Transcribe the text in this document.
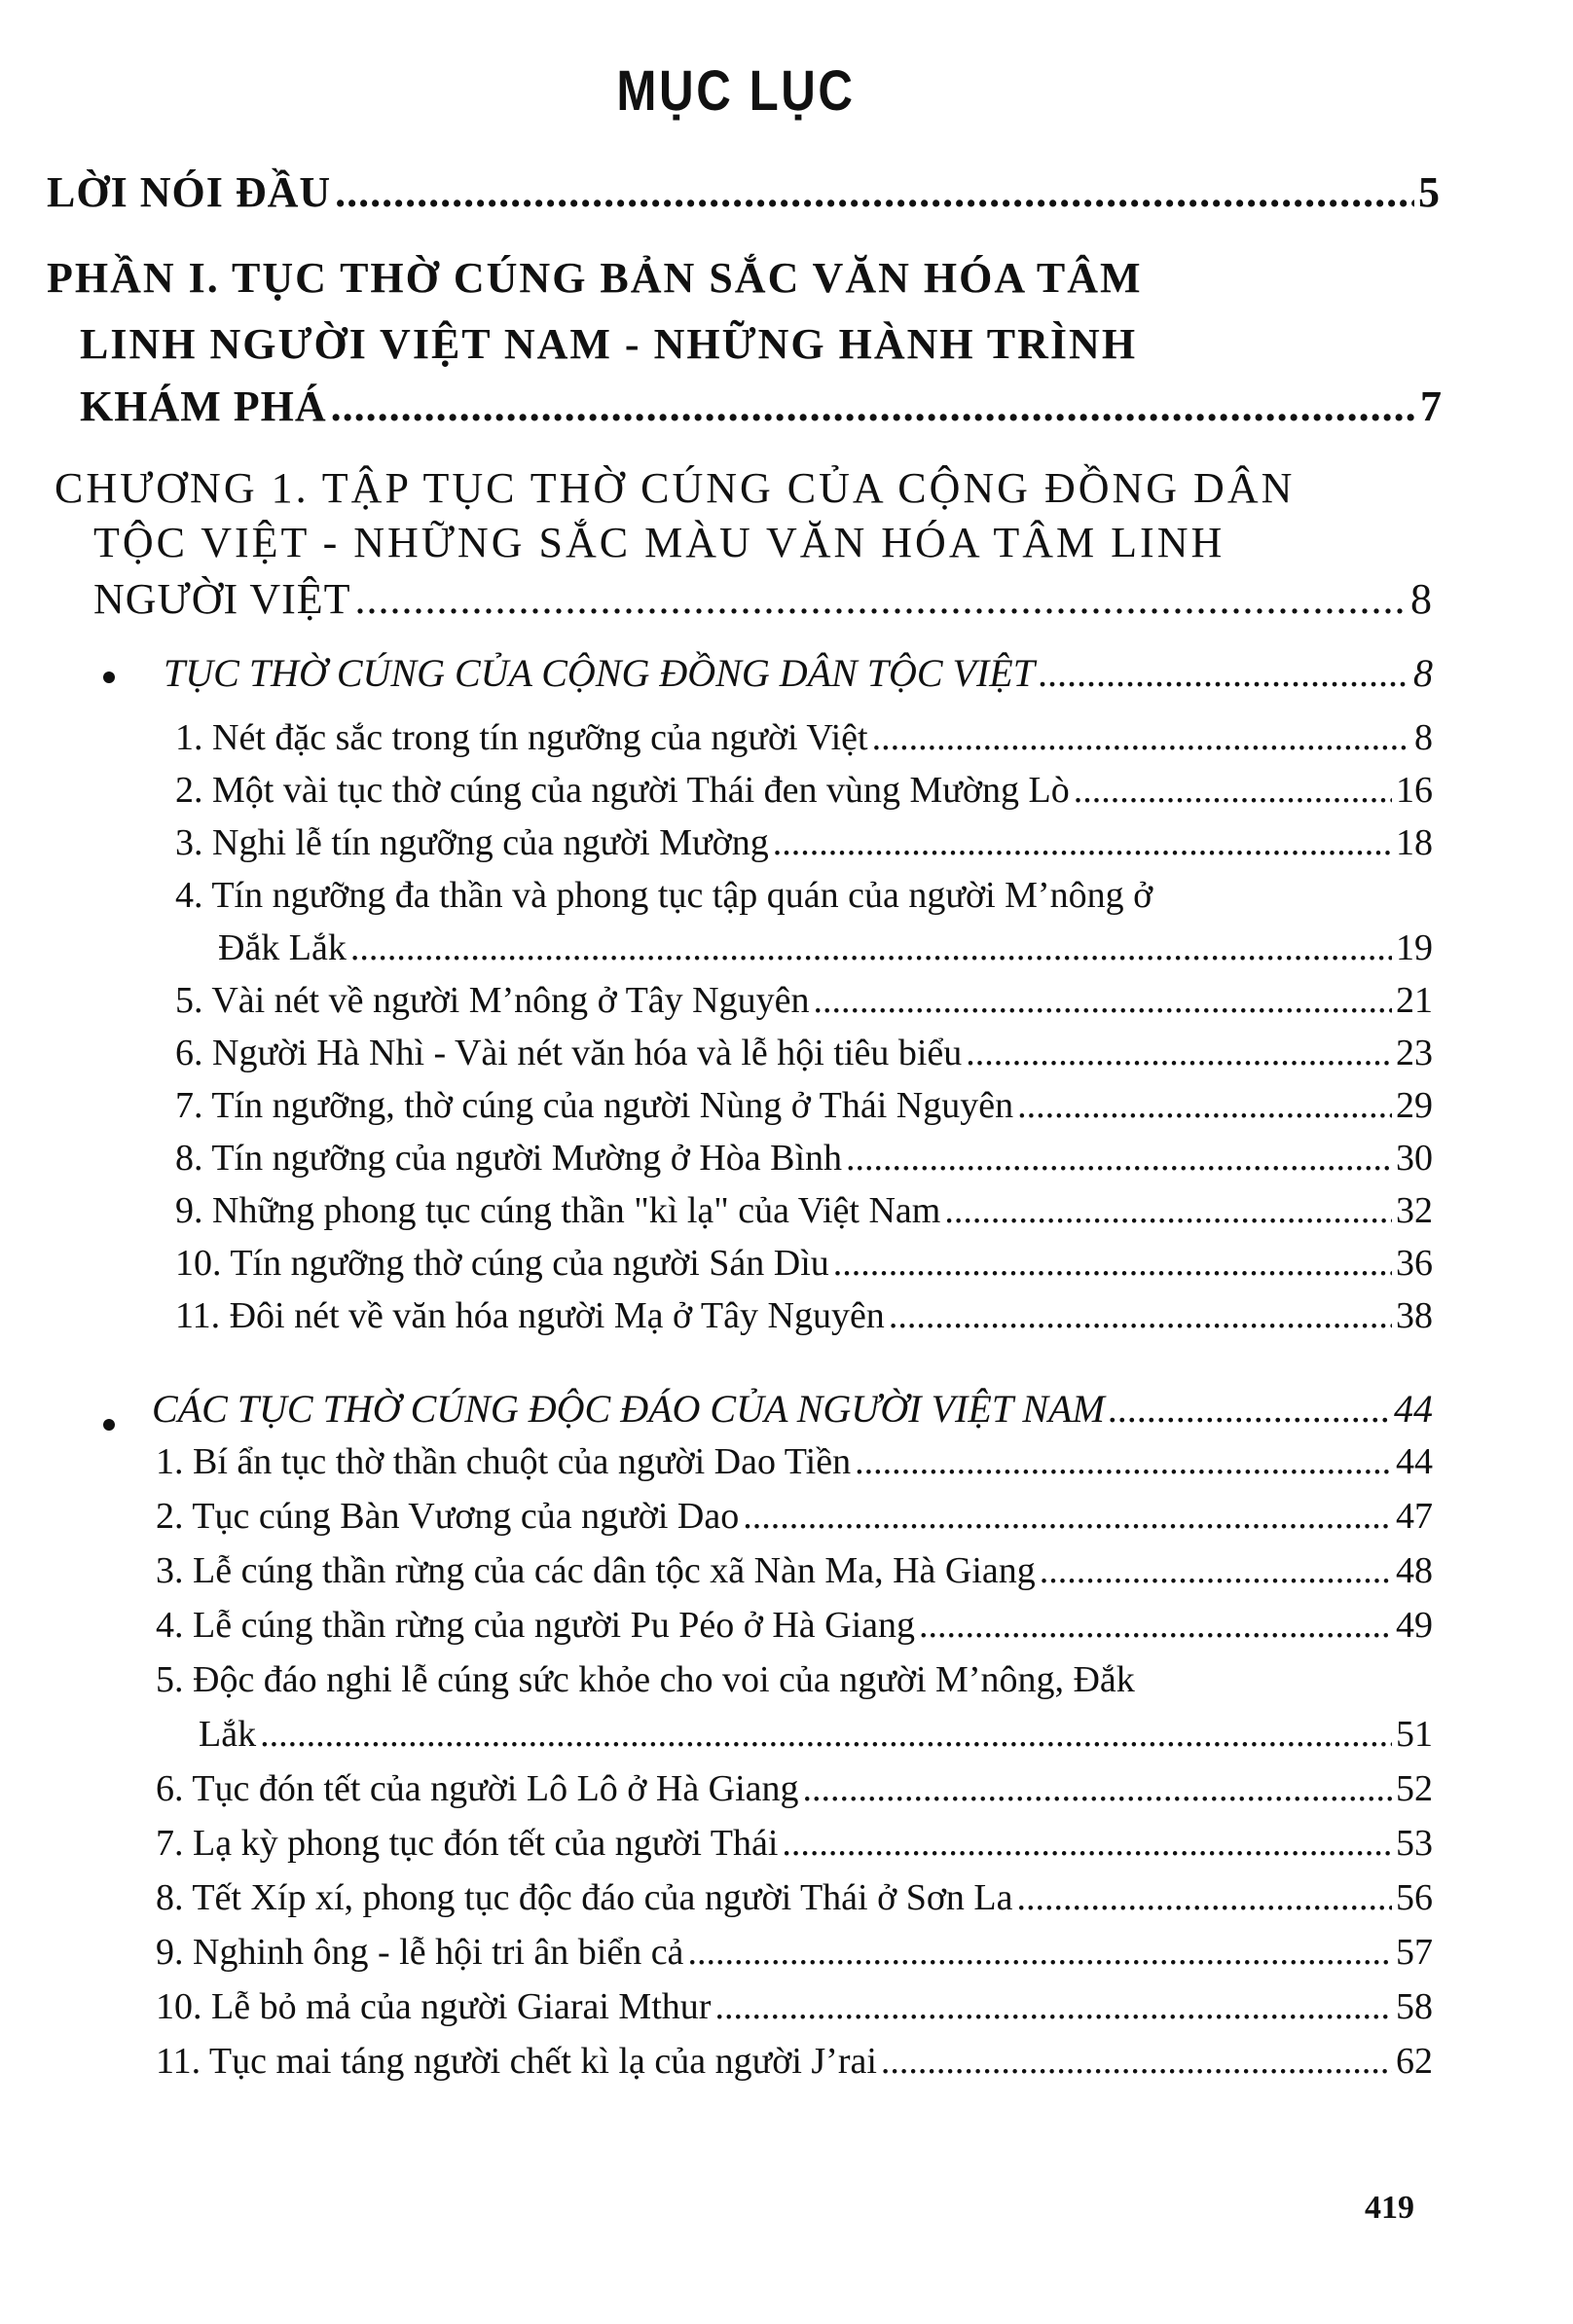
MỤC LỤC
LỜI NÓI ĐẦU .....	5
PHẦN I. TỤC THỜ CÚNG BẢN SẮC VĂN HÓA TÂM
LINH NGƯỜI VIỆT NAM - NHỮNG HÀNH TRÌNH
KHÁM PHÁ .....	7
CHƯƠNG 1. TẬP TỤC THỜ CÚNG CỦA CỘNG ĐỒNG DÂN
TỘC VIỆT - NHỮNG SẮC MÀU VĂN HÓA TÂM LINH
NGƯỜI VIỆT .....	8
TỤC THỜ CÚNG CỦA CỘNG ĐỒNG DÂN TỘC VIỆT .....	8
1. Nét đặc sắc trong tín ngưỡng của người Việt .....	8
2. Một vài tục thờ cúng của người Thái đen vùng Mường Lò .....	16
3. Nghi lễ tín ngưỡng của người Mường .....	18
4. Tín ngưỡng đa thần và phong tục tập quán của người M’nông ở
Đắk Lắk .....	19
5. Vài nét về người M’nông ở Tây Nguyên .....	21
6. Người Hà Nhì - Vài nét văn hóa và lễ hội tiêu biểu .....	23
7. Tín ngưỡng, thờ cúng của người Nùng ở Thái Nguyên .....	29
8. Tín ngưỡng của người Mường ở Hòa Bình .....	30
9. Những phong tục cúng thần "kì lạ" của Việt Nam .....	32
10. Tín ngưỡng thờ cúng của người Sán Dìu .....	36
11. Đôi nét về văn hóa người Mạ ở Tây Nguyên .....	38
CÁC TỤC THỜ CÚNG ĐỘC ĐÁO CỦA NGƯỜI VIỆT NAM .....	44
1. Bí ẩn tục thờ thần chuột của người Dao Tiền .....	44
2. Tục cúng Bàn Vương của người Dao .....	47
3. Lễ cúng thần rừng của các dân tộc xã Nàn Ma, Hà Giang .....	48
4. Lễ cúng thần rừng của người Pu Péo ở Hà Giang .....	49
5. Độc đáo nghi lễ cúng sức khỏe cho voi của người M’nông, Đắk
Lắk .....	51
6. Tục đón tết của người Lô Lô ở Hà Giang .....	52
7. Lạ kỳ phong tục đón tết của người Thái .....	53
8. Tết Xíp xí, phong tục độc đáo của người Thái ở Sơn La .....	56
9. Nghinh ông - lễ hội tri ân biển cả .....	57
10. Lễ bỏ mả của người Giarai Mthur .....	58
11. Tục mai táng người chết kì lạ của người J’rai .....	62
419
